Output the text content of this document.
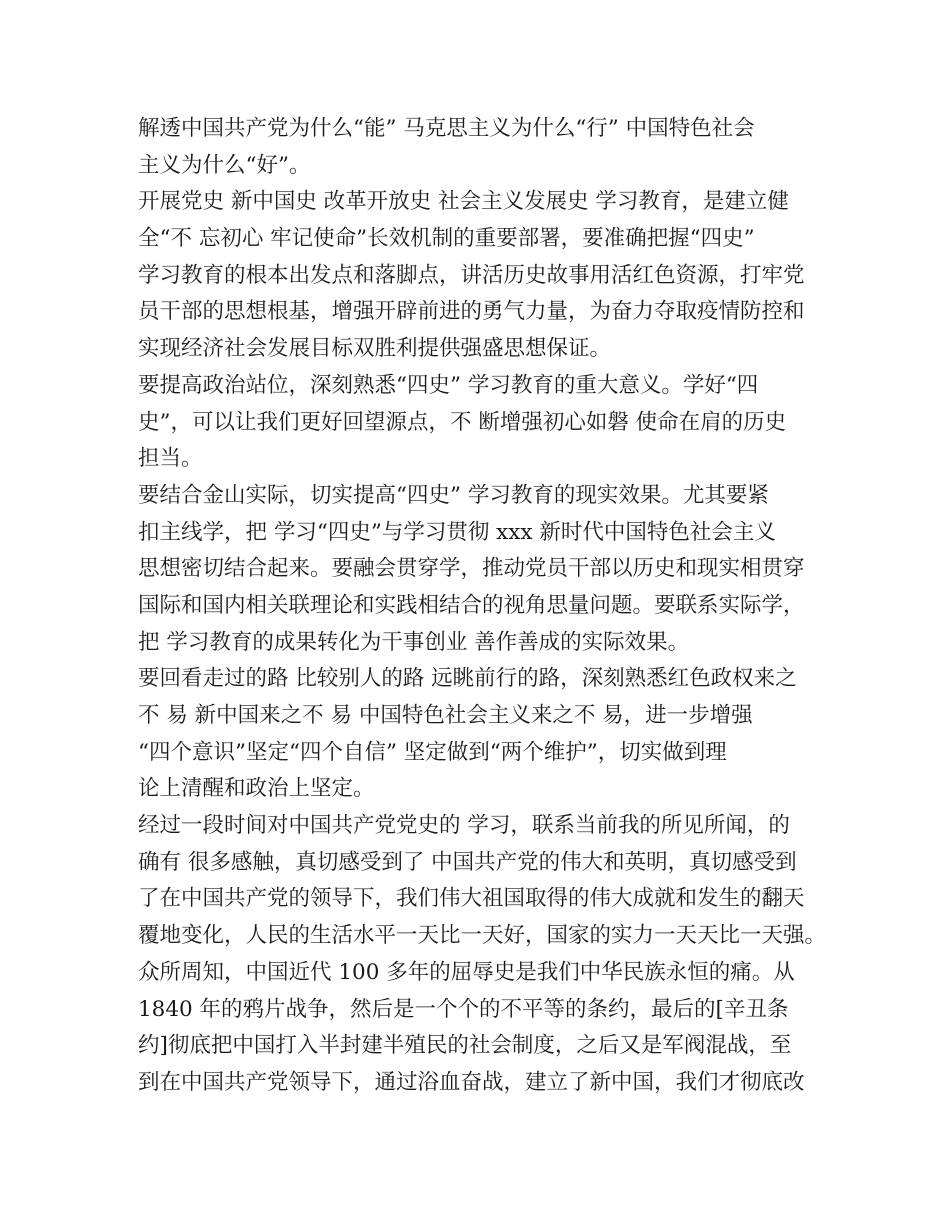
解透中国共产党为什么“能” 马克思主义为什么“行” 中国特色社会
主义为什么“好”。
开展党史 新中国史 改革开放史 社会主义发展史 学习教育，是建立健
全“不 忘初心 牢记使命”长效机制的重要部署，要准确把握“四史”
学习教育的根本出发点和落脚点，讲活历史故事用活红色资源，打牢党
员干部的思想根基，增强开辟前进的勇气力量，为奋力夺取疫情防控和
实现经济社会发展目标双胜利提供强盛思想保证。
要提高政治站位，深刻熟悉“四史” 学习教育的重大意义。学好“四
史”，可以让我们更好回望源点，不 断增强初心如磐 使命在肩的历史
担当。
要结合金山实际，切实提高“四史” 学习教育的现实效果。尤其要紧
扣主线学，把 学习“四史”与学习贯彻 xxx 新时代中国特色社会主义
思想密切结合起来。要融会贯穿学，推动党员干部以历史和现实相贯穿
国际和国内相关联理论和实践相结合的视角思量问题。要联系实际学，
把 学习教育的成果转化为干事创业 善作善成的实际效果。
要回看走过的路 比较别人的路 远眺前行的路，深刻熟悉红色政权来之
不 易 新中国来之不 易 中国特色社会主义来之不 易，进一步增强
“四个意识”坚定“四个自信” 坚定做到“两个维护”，切实做到理
论上清醒和政治上坚定。
经过一段时间对中国共产党党史的 学习，联系当前我的所见所闻，的
确有 很多感触，真切感受到了 中国共产党的伟大和英明，真切感受到
了在中国共产党的领导下，我们伟大祖国取得的伟大成就和发生的翻天
覆地变化，人民的生活水平一天比一天好，国家的实力一天天比一天强。
众所周知，中国近代 100 多年的屈辱史是我们中华民族永恒的痛。从
1840 年的鸦片战争，然后是一个个的不平等的条约，最后的[辛丑条
约]彻底把中国打入半封建半殖民的社会制度，之后又是军阀混战，至
到在中国共产党领导下，通过浴血奋战，建立了新中国，我们才彻底改
